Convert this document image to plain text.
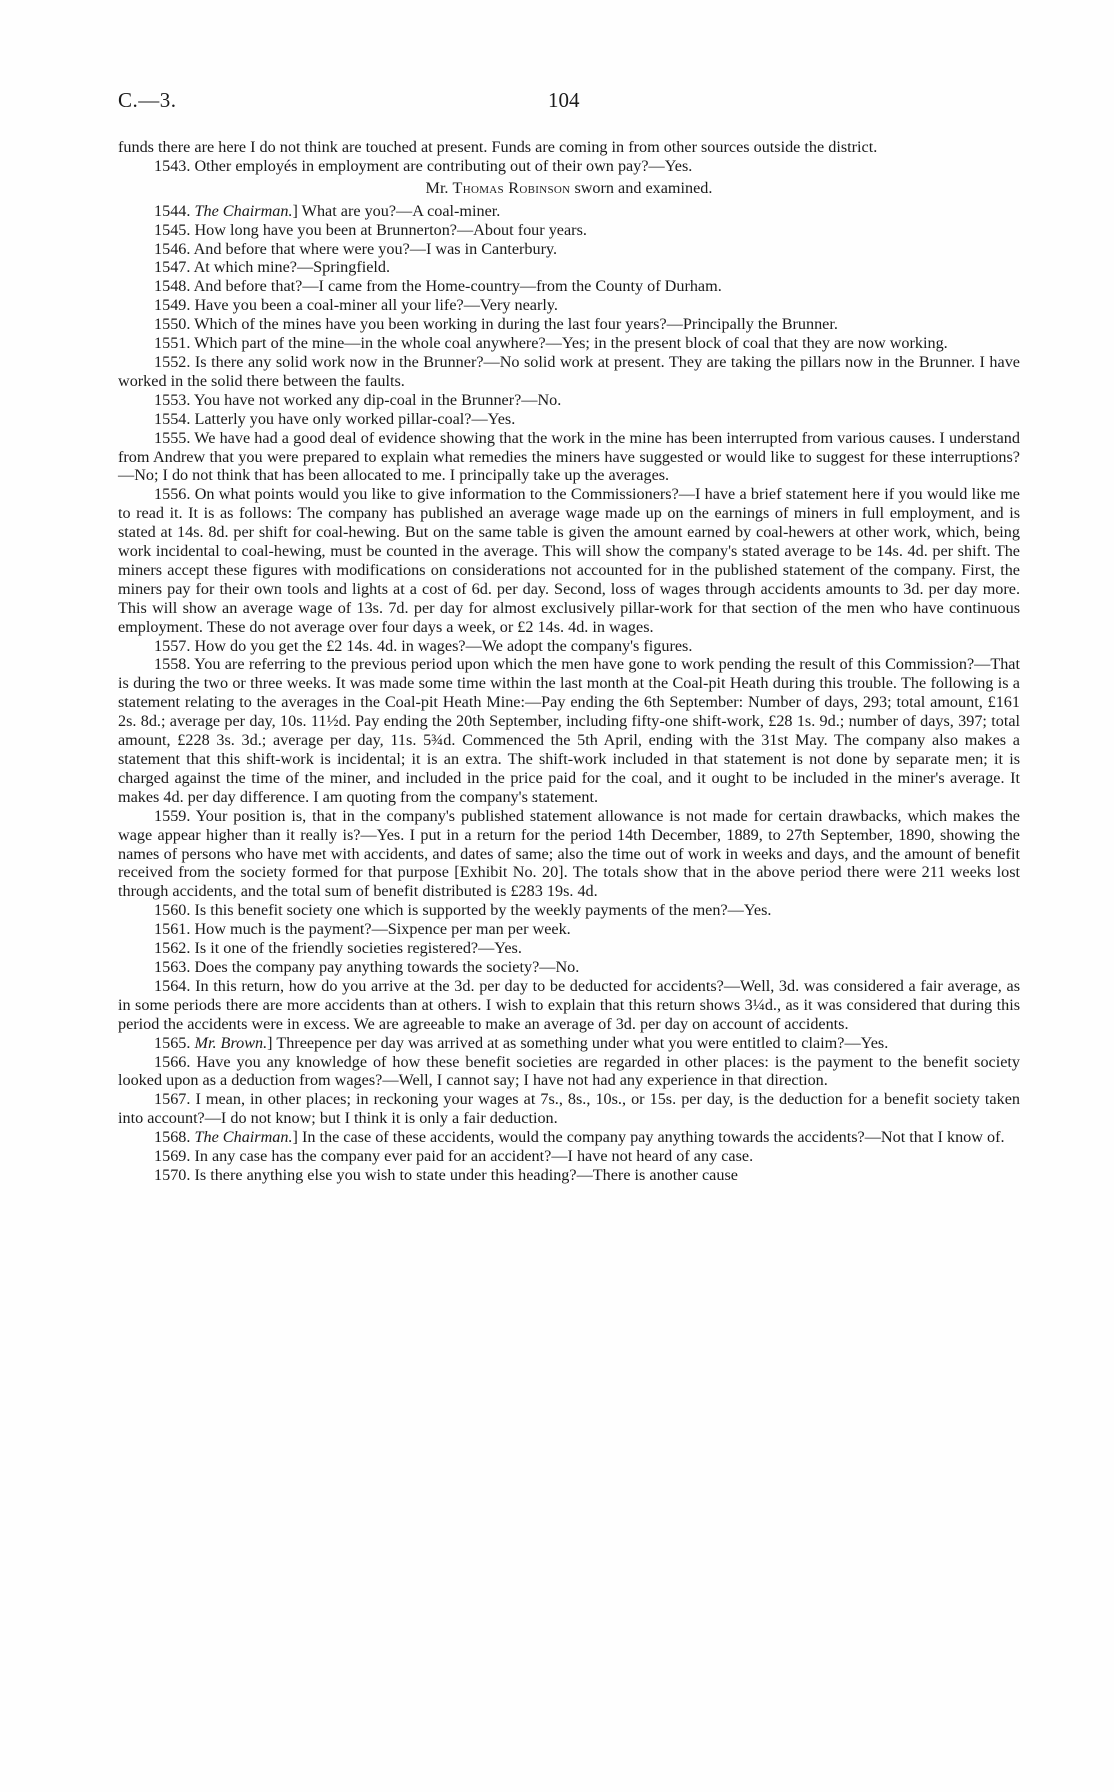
C.—3.	104

funds there are here I do not think are touched at present. Funds are coming in from other sources outside the district.

1543. Other employés in employment are contributing out of their own pay?—Yes.

Mr. Thomas Robinson sworn and examined.

1544. The Chairman.] What are you?—A coal-miner.

1545. How long have you been at Brunnerton?—About four years.

1546. And before that where were you?—I was in Canterbury.

1547. At which mine?—Springfield.

1548. And before that?—I came from the Home-country—from the County of Durham.

1549. Have you been a coal-miner all your life?—Very nearly.

1550. Which of the mines have you been working in during the last four years?—Principally the Brunner.

1551. Which part of the mine—in the whole coal anywhere?—Yes; in the present block of coal that they are now working.

1552. Is there any solid work now in the Brunner?—No solid work at present. They are taking the pillars now in the Brunner. I have worked in the solid there between the faults.

1553. You have not worked any dip-coal in the Brunner?—No.

1554. Latterly you have only worked pillar-coal?—Yes.

1555. We have had a good deal of evidence showing that the work in the mine has been interrupted from various causes. I understand from Andrew that you were prepared to explain what remedies the miners have suggested or would like to suggest for these interruptions?—No; I do not think that has been allocated to me. I principally take up the averages.

1556. On what points would you like to give information to the Commissioners?—I have a brief statement here if you would like me to read it. It is as follows: The company has published an average wage made up on the earnings of miners in full employment, and is stated at 14s. 8d. per shift for coal-hewing. But on the same table is given the amount earned by coal-hewers at other work, which, being work incidental to coal-hewing, must be counted in the average. This will show the company's stated average to be 14s. 4d. per shift. The miners accept these figures with modifications on considerations not accounted for in the published statement of the company. First, the miners pay for their own tools and lights at a cost of 6d. per day. Second, loss of wages through accidents amounts to 3d. per day more. This will show an average wage of 13s. 7d. per day for almost exclusively pillar-work for that section of the men who have continuous employment. These do not average over four days a week, or £2 14s. 4d. in wages.

1557. How do you get the £2 14s. 4d. in wages?—We adopt the company's figures.

1558. You are referring to the previous period upon which the men have gone to work pending the result of this Commission?—That is during the two or three weeks. It was made some time within the last month at the Coal-pit Heath during this trouble. The following is a statement relating to the averages in the Coal-pit Heath Mine:—Pay ending the 6th September: Number of days, 293; total amount, £161 2s. 8d.; average per day, 10s. 11½d. Pay ending the 20th September, including fifty-one shift-work, £28 1s. 9d.; number of days, 397; total amount, £228 3s. 3d.; average per day, 11s. 5¾d. Commenced the 5th April, ending with the 31st May. The company also makes a statement that this shift-work is incidental; it is an extra. The shift-work included in that statement is not done by separate men; it is charged against the time of the miner, and included in the price paid for the coal, and it ought to be included in the miner's average. It makes 4d. per day difference. I am quoting from the company's statement.

1559. Your position is, that in the company's published statement allowance is not made for certain drawbacks, which makes the wage appear higher than it really is?—Yes. I put in a return for the period 14th December, 1889, to 27th September, 1890, showing the names of persons who have met with accidents, and dates of same; also the time out of work in weeks and days, and the amount of benefit received from the society formed for that purpose [Exhibit No. 20]. The totals show that in the above period there were 211 weeks lost through accidents, and the total sum of benefit distributed is £283 19s. 4d.

1560. Is this benefit society one which is supported by the weekly payments of the men?—Yes.

1561. How much is the payment?—Sixpence per man per week.

1562. Is it one of the friendly societies registered?—Yes.

1563. Does the company pay anything towards the society?—No.

1564. In this return, how do you arrive at the 3d. per day to be deducted for accidents?—Well, 3d. was considered a fair average, as in some periods there are more accidents than at others. I wish to explain that this return shows 3¼d., as it was considered that during this period the accidents were in excess. We are agreeable to make an average of 3d. per day on account of accidents.

1565. Mr. Brown.] Threepence per day was arrived at as something under what you were entitled to claim?—Yes.

1566. Have you any knowledge of how these benefit societies are regarded in other places: is the payment to the benefit society looked upon as a deduction from wages?—Well, I cannot say; I have not had any experience in that direction.

1567. I mean, in other places; in reckoning your wages at 7s., 8s., 10s., or 15s. per day, is the deduction for a benefit society taken into account?—I do not know; but I think it is only a fair deduction.

1568. The Chairman.] In the case of these accidents, would the company pay anything towards the accidents?—Not that I know of.

1569. In any case has the company ever paid for an accident?—I have not heard of any case.

1570. Is there anything else you wish to state under this heading?—There is another cause
